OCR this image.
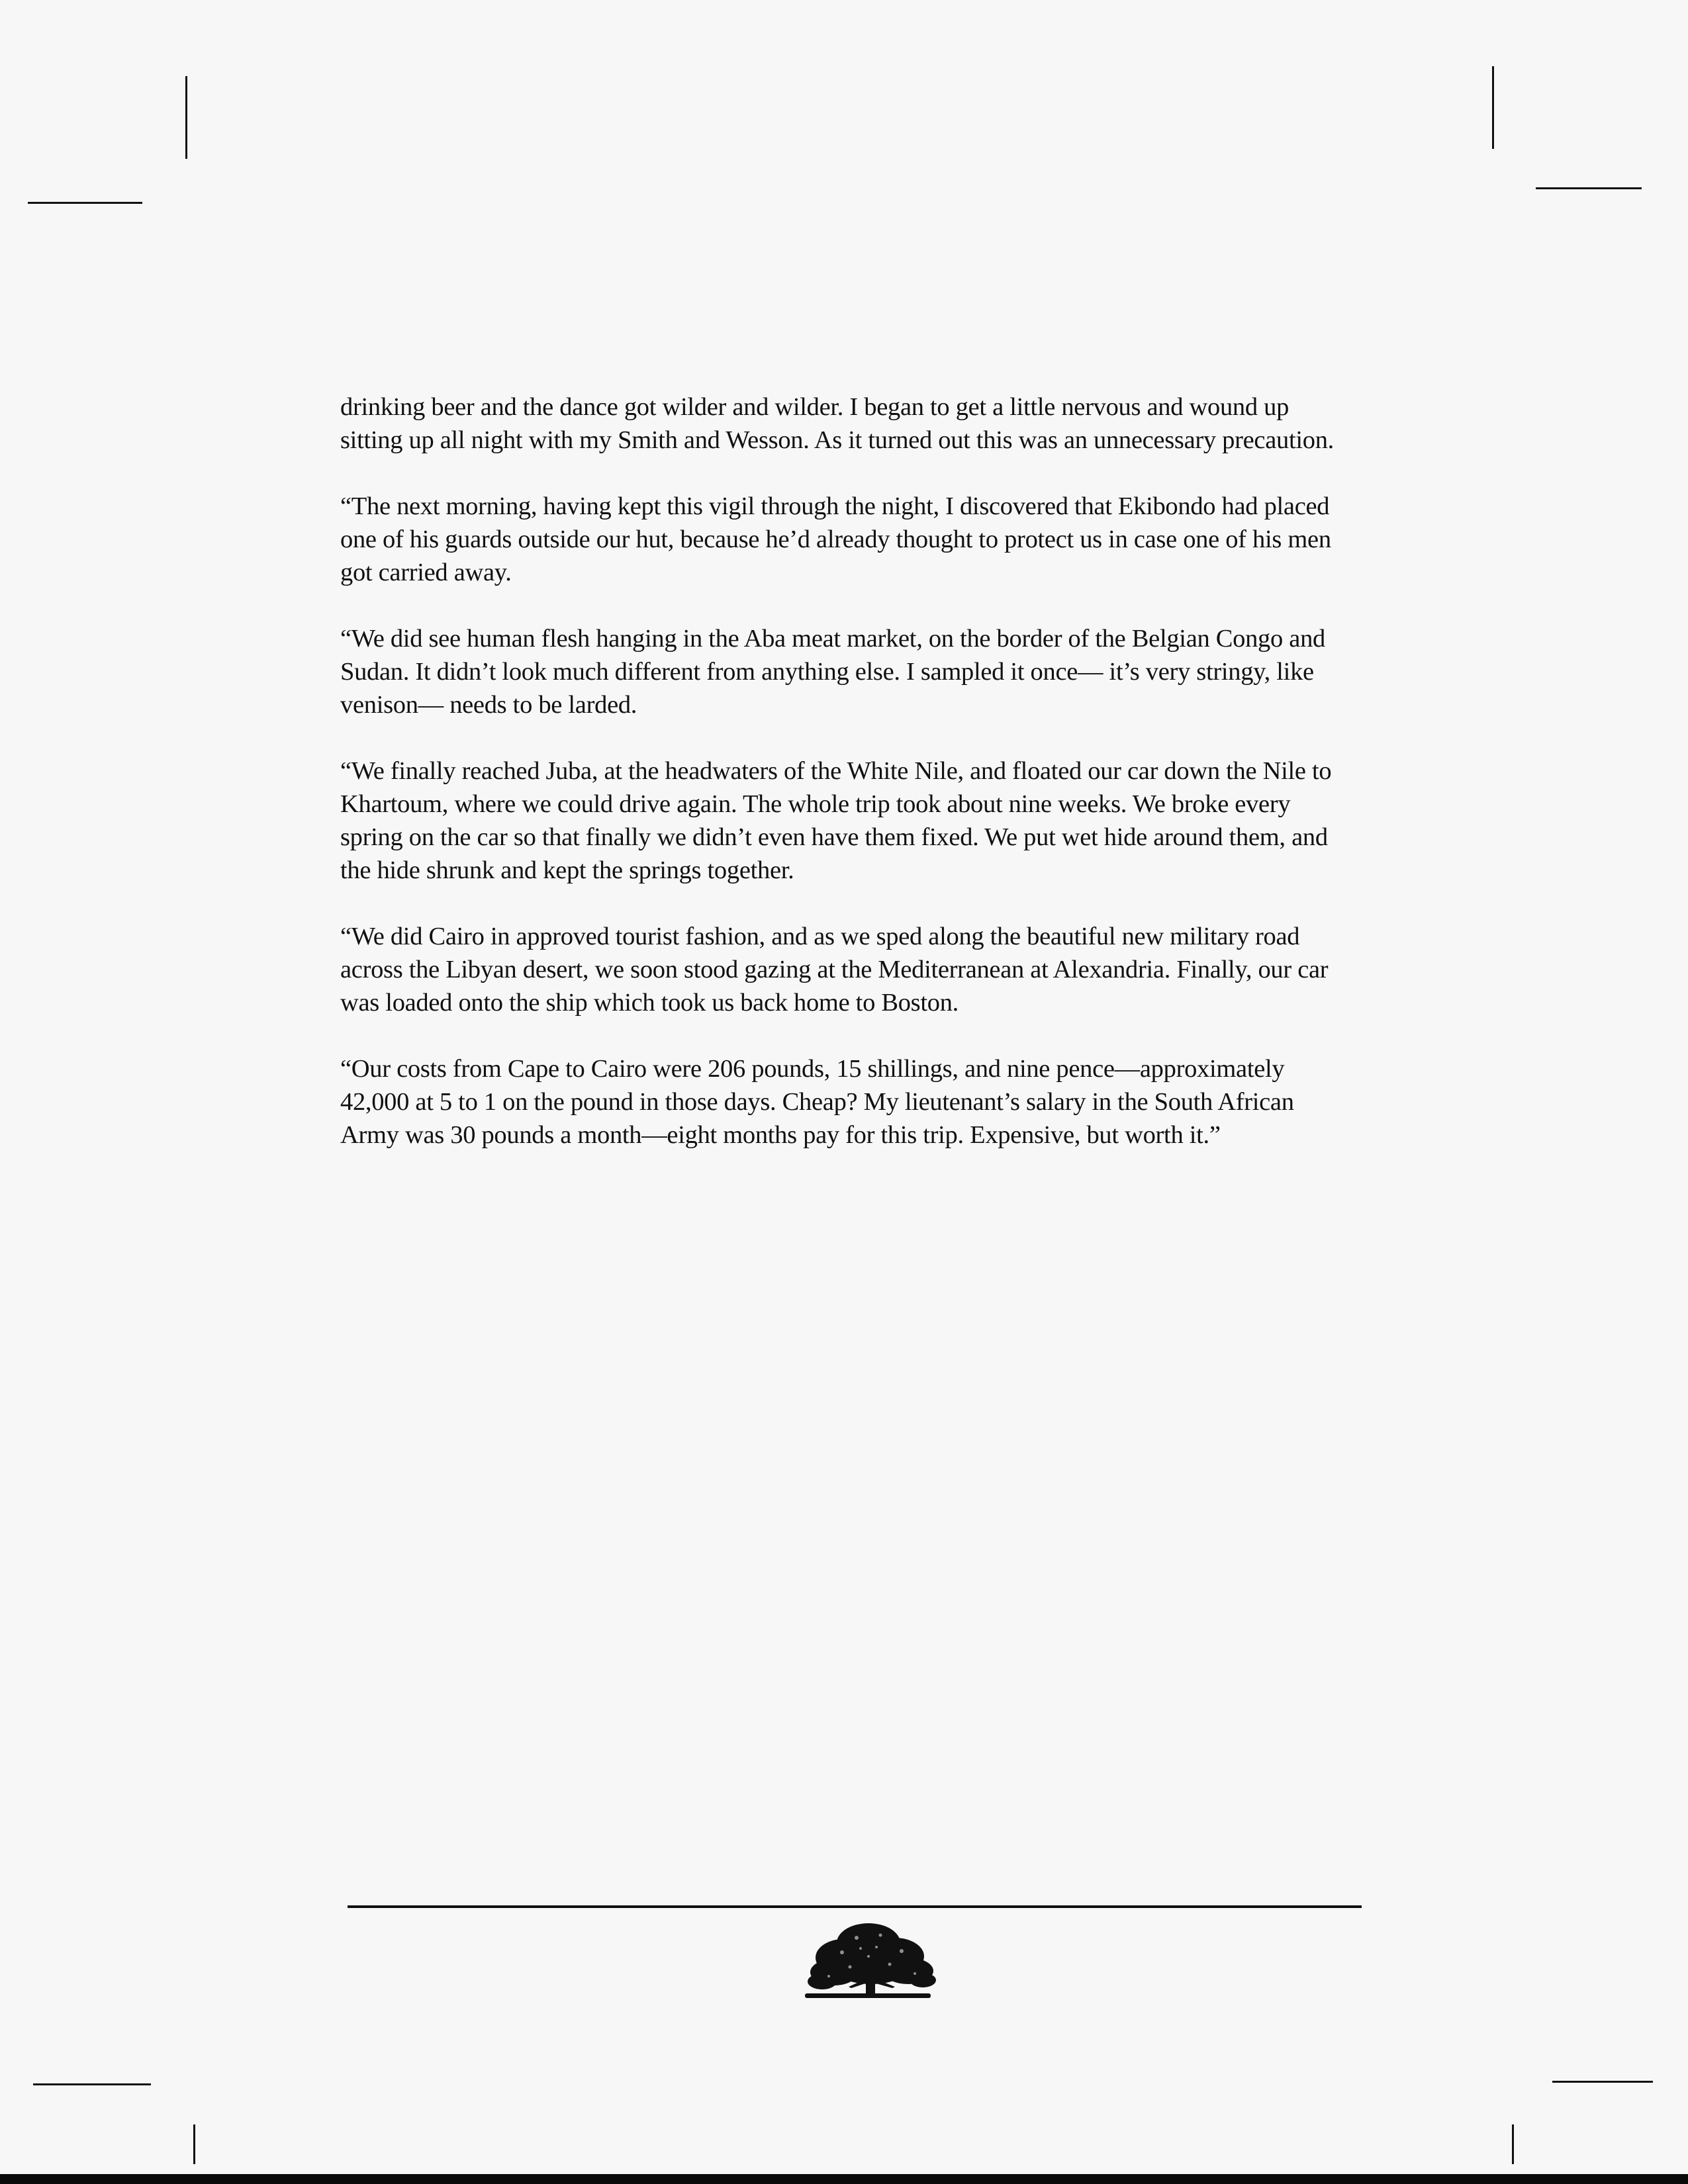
drinking beer and the dance got wilder and wilder. I began to get a little nervous and wound up sitting up all night with my Smith and Wesson. As it turned out this was an unnecessary precaution.

“The next morning, having kept this vigil through the night, I discovered that Ekibondo had placed one of his guards outside our hut, because he’d already thought to protect us in case one of his men got carried away.

“We did see human flesh hanging in the Aba meat market, on the border of the Belgian Congo and Sudan. It didn’t look much different from anything else. I sampled it once— it’s very stringy, like venison— needs to be larded.

“We finally reached Juba, at the headwaters of the White Nile, and floated our car down the Nile to Khartoum, where we could drive again. The whole trip took about nine weeks. We broke every spring on the car so that finally we didn’t even have them fixed. We put wet hide around them, and the hide shrunk and kept the springs together.

“We did Cairo in approved tourist fashion, and as we sped along the beautiful new military road across the Libyan desert, we soon stood gazing at the Mediterranean at Alexandria. Finally, our car was loaded onto the ship which took us back home to Boston.

“Our costs from Cape to Cairo were 206 pounds, 15 shillings, and nine pence—approximately 42,000 at 5 to 1 on the pound in those days. Cheap? My lieutenant’s salary in the South African Army was 30 pounds a month—eight months pay for this trip. Expensive, but worth it.”
